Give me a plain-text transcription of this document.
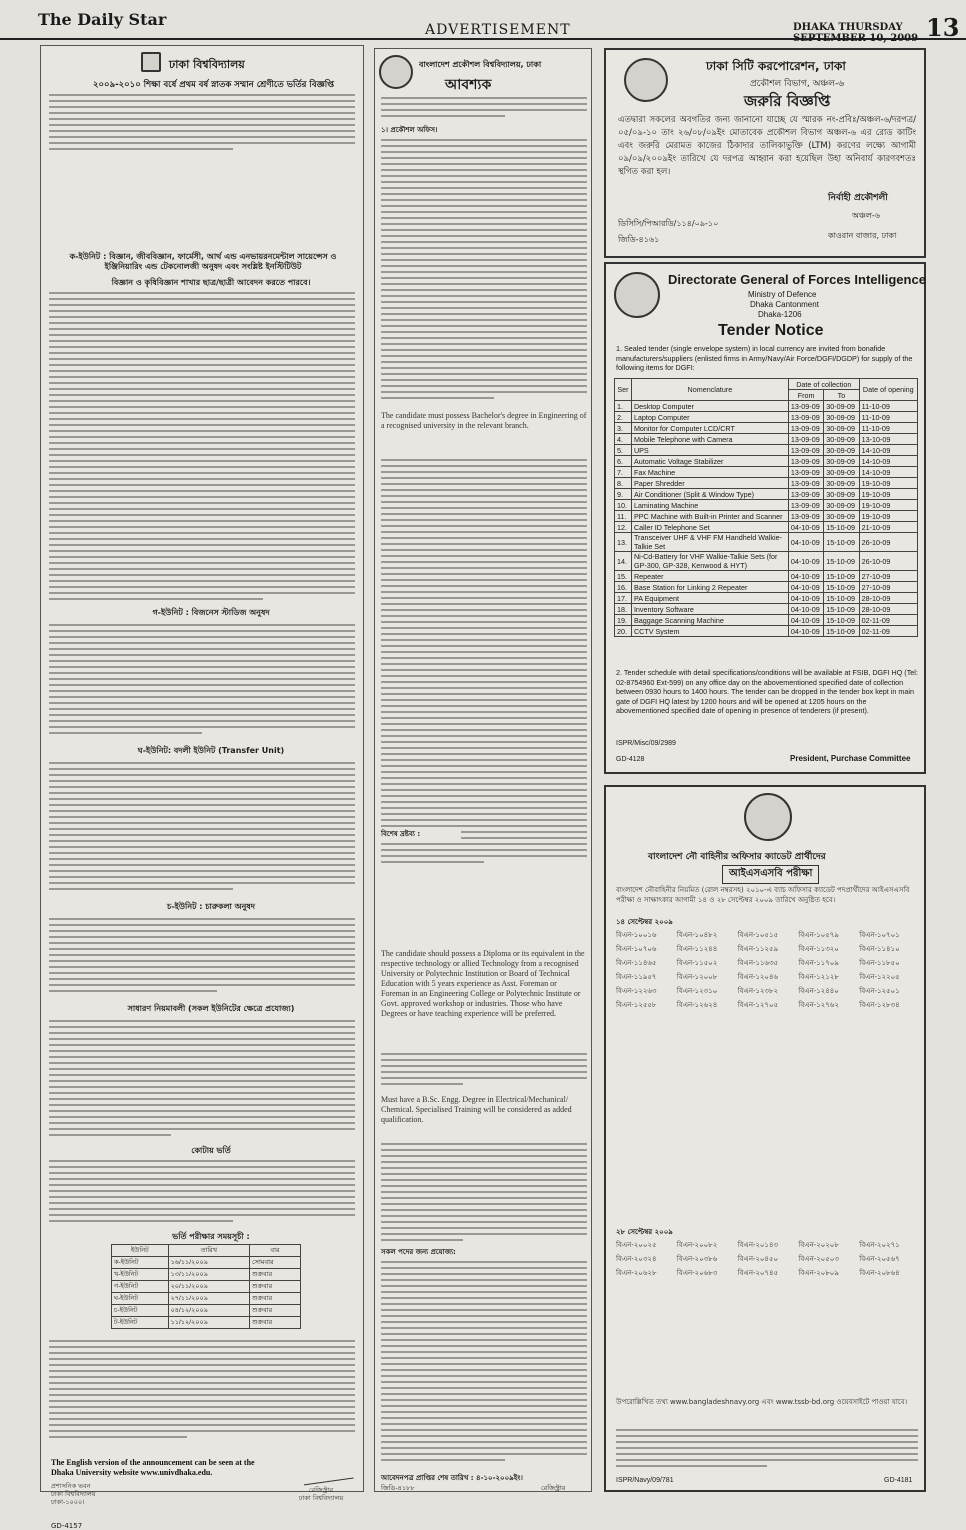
The Daily Star
ADVERTISEMENT	DHAKA THURSDAY SEPTEMBER 10, 2009 13
ঢাকা বিশ্ববিদ্যালয়
২০০৯-২০১০ শিক্ষা বর্ষে প্রথম বর্ষ স্নাতক সম্মান শ্রেণীতে ভর্তির বিজ্ঞপ্তি
ক-ইউনিট : বিজ্ঞান, জীববিজ্ঞান, ফার্মেসী, আর্থ এন্ড এনভায়রনমেন্টাল সায়েন্সেস ও ইঞ্জিনিয়ারিং এন্ড টেকনোলজী অনুষদ এবং সংশ্লিষ্ট ইনস্টিটিউট
বিজ্ঞান ও কৃষিবিজ্ঞান শাখার ছাত্র/ছাত্রী আবেদন করতে পারবে।
গ-ইউনিট : বিজনেস স্টাডিজ অনুষদ
ঘ-ইউনিট: বদলী ইউনিট (Transfer Unit)
চ-ইউনিট : চারুকলা অনুষদ
সাধারণ নিয়মাবলী (সকল ইউনিটের ক্ষেত্রে প্রযোজ্য)
কোটায় ভর্তি
ভর্তি পরীক্ষার সময়সূচী :
ইউনিট	তারিখ	বার
ক-ইউনিট	১৬/১১/২০০৯	সোমবার
খ-ইউনিট	১৩/১১/২০০৯	শুক্রবার
গ-ইউনিট	২০/১১/২০০৯	শুক্রবার
ঘ-ইউনিট	২৭/১১/২০০৯	শুক্রবার
চ-ইউনিট	০৪/১২/২০০৯	শুক্রবার
ট-ইউনিট	১১/১২/২০০৯	শুক্রবার
The English version of the announcement can be seen at the Dhaka University website www.univdhaka.edu.
প্রশাসনিক ভবন
ঢাকা বিশ্ববিদ্যালয়
ঢাকা-১০০০।
রেজিস্ট্রার
ঢাকা বিশ্ববিদ্যালয়
GD-4157
বাংলাদেশ প্রকৌশল বিশ্ববিদ্যালয়, ঢাকা
আবশ্যক
১। প্রকৌশল অফিস।
The candidate must possess Bachelor's degree in Engineering of a recognised university in the relevant branch.
বিশেষ দ্রষ্টব্য :
The candidate should possess a Diploma or its equivalent in the respective technology or allied Technology from a recognised University or Polytechnic Institution or Board of Technical Education with 5 years experience as Asst. Foreman or Foreman in an Engineering College or Polytechnic Institute or Govt. approved workshop or industries. Those who have Degrees or have teaching experience will be preferred.
Must have a B.Sc. Engg. Degree in Electrical/Mechanical/ Chemical. Specialised Training will be considered as added qualification.
সকল পদের জন্য প্রযোজ্য:
আবেদনপত্র প্রাপ্তির শেষ তারিখ : ৪-১০-২০০৯ইং।
জিডি-৪১৮৮	রেজিস্ট্রার
ঢাকা সিটি করপোরেশন, ঢাকা
প্রকৌশল বিভাগ, অঞ্চল-৬
জরুরি বিজ্ঞপ্তি
এতদ্বারা সকলের অবগতির জন্য জানানো যাচ্ছে যে স্মারক নং-প্রবিঃ/অঞ্চল-৬/দরপত্র/০৫/০৯-১০ তাং ২৬/০৮/০৯ইং মোতাবেক প্রকৌশল বিভাগ অঞ্চল-৬ এর রোড কাটিং এবং জরুরি মেরামত কাজের ঠিকাদার তালিকাভুক্তি (LTM) করণের লক্ষ্যে আগামী ০৯/০৯/২০০৯ইং তারিখে যে দরপত্র আহ্বান করা হয়েছিল উহা অনিবার্য কারণবশতঃ স্থগিত করা হল।
নির্বাহী প্রকৌশলী
অঞ্চল-৬
ডিসিসি/পিআরডি/১১৪/০৯-১০
কাওরান বাজার, ঢাকা
জিডি-৪১৬১
Directorate General of Forces Intelligence
Ministry of Defence
Dhaka Cantonment
Dhaka-1206
Tender Notice
1. Sealed tender (single envelope system) in local currency are invited from bonafide manufacturers/suppliers (enlisted firms in Army/Navy/Air Force/DGFI/DGDP) for supply of the following items for DGFI:
Ser	Nomenclature	Date of collection		Date of opening
		From	To	
1.	Desktop Computer	13-09-09	30-09-09	11-10-09
2.	Laptop Computer	13-09-09	30-09-09	11-10-09
3.	Monitor for Computer LCD/CRT	13-09-09	30-09-09	11-10-09
4.	Mobile Telephone with Camera	13-09-09	30-09-09	13-10-09
5.	UPS	13-09-09	30-09-09	14-10-09
6.	Automatic Voltage Stabilizer	13-09-09	30-09-09	14-10-09
7.	Fax Machine	13-09-09	30-09-09	14-10-09
8.	Paper Shredder	13-09-09	30-09-09	19-10-09
9.	Air Conditioner (Split & Window Type)	13-09-09	30-09-09	19-10-09
10.	Laminating Machine	13-09-09	30-09-09	19-10-09
11.	PPC Machine with Built-in Printer and Scanner	13-09-09	30-09-09	19-10-09
12.	Caller ID Telephone Set	04-10-09	15-10-09	21-10-09
13.	Transceiver UHF & VHF FM Handheld Walkie-Talkie Set	04-10-09	15-10-09	26-10-09
14.	Ni-Cd-Battery for VHF Walkie-Talkie Sets (for GP-300, GP-328, Kenwood & HYT)	04-10-09	15-10-09	26-10-09
15.	Repeater	04-10-09	15-10-09	27-10-09
16.	Base Station for Linking 2 Repeater	04-10-09	15-10-09	27-10-09
17.	PA Equipment	04-10-09	15-10-09	28-10-09
18.	Inventory Software	04-10-09	15-10-09	28-10-09
19.	Baggage Scanning Machine	04-10-09	15-10-09	02-11-09
20.	CCTV System	04-10-09	15-10-09	02-11-09
2. Tender schedule with detail specifications/conditions will be available at FSIB, DGFI HQ (Tel: 02-8754960 Ext-599) on any office day on the abovementioned specified date of collection between 0930 hours to 1400 hours. The tender can be dropped in the tender box kept in main gate of DGFI HQ latest by 1200 hours and will be opened at 1205 hours on the abovementioned specified date of opening in presence of tenderers (if present).
ISPR/Misc/09/2989
GD-4128	President, Purchase Committee
বাংলাদেশ নৌ বাহিনীর অফিসার ক্যাডেট প্রার্থীদের
আইএসএসবি পরীক্ষা
বাংলাদেশ নৌবাহিনীর নিয়মিত (রোল নম্বরসহ) ২০১০-এ ব্যাচ অফিসার ক্যাডেট পদপ্রার্থীদের আইএসএসবি পরীক্ষা ও সাক্ষাৎকার আগামী ১৪ ও ২৮ সেপ্টেম্বর ২০০৯ তারিখে অনুষ্ঠিত হবে।
১৪ সেপ্টেম্বর ২০০৯
বিএন-১০০১৬	বিএন-১০৪৮২	বিএন-১০৫১৫	বিএন-১০৫৭৯	বিএন-১০৭০১
বিএন-১০৭০৬	বিএন-১১২৪৪	বিএন-১১২৫৯	বিএন-১১৩২০	বিএন-১১৪১০
বিএন-১১৪৬৫	বিএন-১১৫০২	বিএন-১১৬৩৫	বিএন-১১৭০৯	বিএন-১১৮৫০
বিএন-১১৯৫৭	বিএন-১২০০৮	বিএন-১২০৪৬	বিএন-১২১২৮	বিএন-১২২০৫
বিএন-১২২৬৩	বিএন-১২৩১০	বিএন-১২৩৮২	বিএন-১২৪৪০	বিএন-১২৫০১
বিএন-১২৫৫৮	বিএন-১২৬২৪	বিএন-১২৭০৫	বিএন-১২৭৬২	বিএন-১২৮৩৪
২৮ সেপ্টেম্বর ২০০৯
বিএন-২০০২৫	বিএন-২০০৮২	বিএন-২০১৪৩	বিএন-২০২০৮	বিএন-২০২৭১
বিএন-২০৩২৪	বিএন-২০৩৮৬	বিএন-২০৪৫০	বিএন-২০৫০৩	বিএন-২০৫৬৭
বিএন-২০৬২৮	বিএন-২০৬৮৩	বিএন-২০৭৪৫	বিএন-২০৮০৯	বিএন-২০৮৬৪
উপরোল্লিখিত তথ্য www.bangladeshnavy.org এবং www.tssb-bd.org ওয়েবসাইটে পাওয়া যাবে।
ISPR/Navy/09/781	GD-4181
